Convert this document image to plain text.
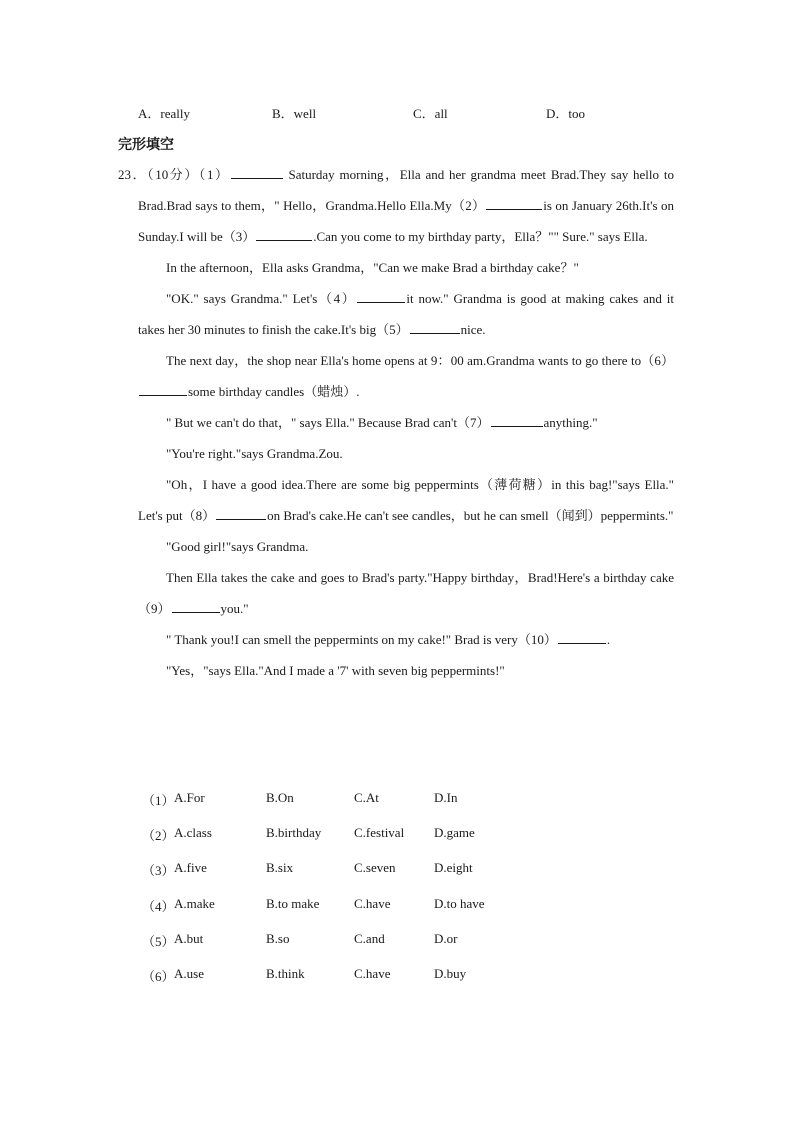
A．really	B．well	C．all	D．too
完形填空

23．（10分）（1）	Saturday morning，Ella and her grandma meet Brad.They say hello to Brad.Brad says to them，" Hello，Grandma.Hello Ella.My（2）	is on January 26th.It's on Sunday.I will be（3）	.Can you come to my birthday party，Ella？"" Sure." says Ella.

In the afternoon，Ella asks Grandma，"Can we make Brad a birthday cake？"

"OK." says Grandma." Let's（4）	it now." Grandma is good at making cakes and it takes her 30 minutes to finish the cake.It's big（5）	nice.

The next day，the shop near Ella's home opens at 9：00 am.Grandma wants to go there to（6）some birthday candles（蜡烛）.

" But we can't do that，" says Ella." Because Brad can't（7）	anything."

"You're right."says Grandma.Zou.

"Oh，I have a good idea.There are some big peppermints（薄荷糖）in this bag!"says Ella." Let's put（8）	on Brad's cake.He can't see candles，but he can smell（闻到）peppermints."

"Good girl!"says Grandma.

Then Ella takes the cake and goes to Brad's party."Happy birthday，Brad!Here's a birthday cake（9）	you."

" Thank you!I can smell the peppermints on my cake!" Brad is very（10）	.

"Yes，"says Ella."And I made a '7' with seven big peppermints!"

（1） A.For	B.On	C.At	D.In
（2） A.class	B.birthday	C.festival D.game
（3） A.five	B.six	C.seven	D.eight
（4） A.make	B.to make	C.have	D.to have
（5） A.but	B.so	C.and	D.or
（6） A.use	B.think	C.have	D.buy
